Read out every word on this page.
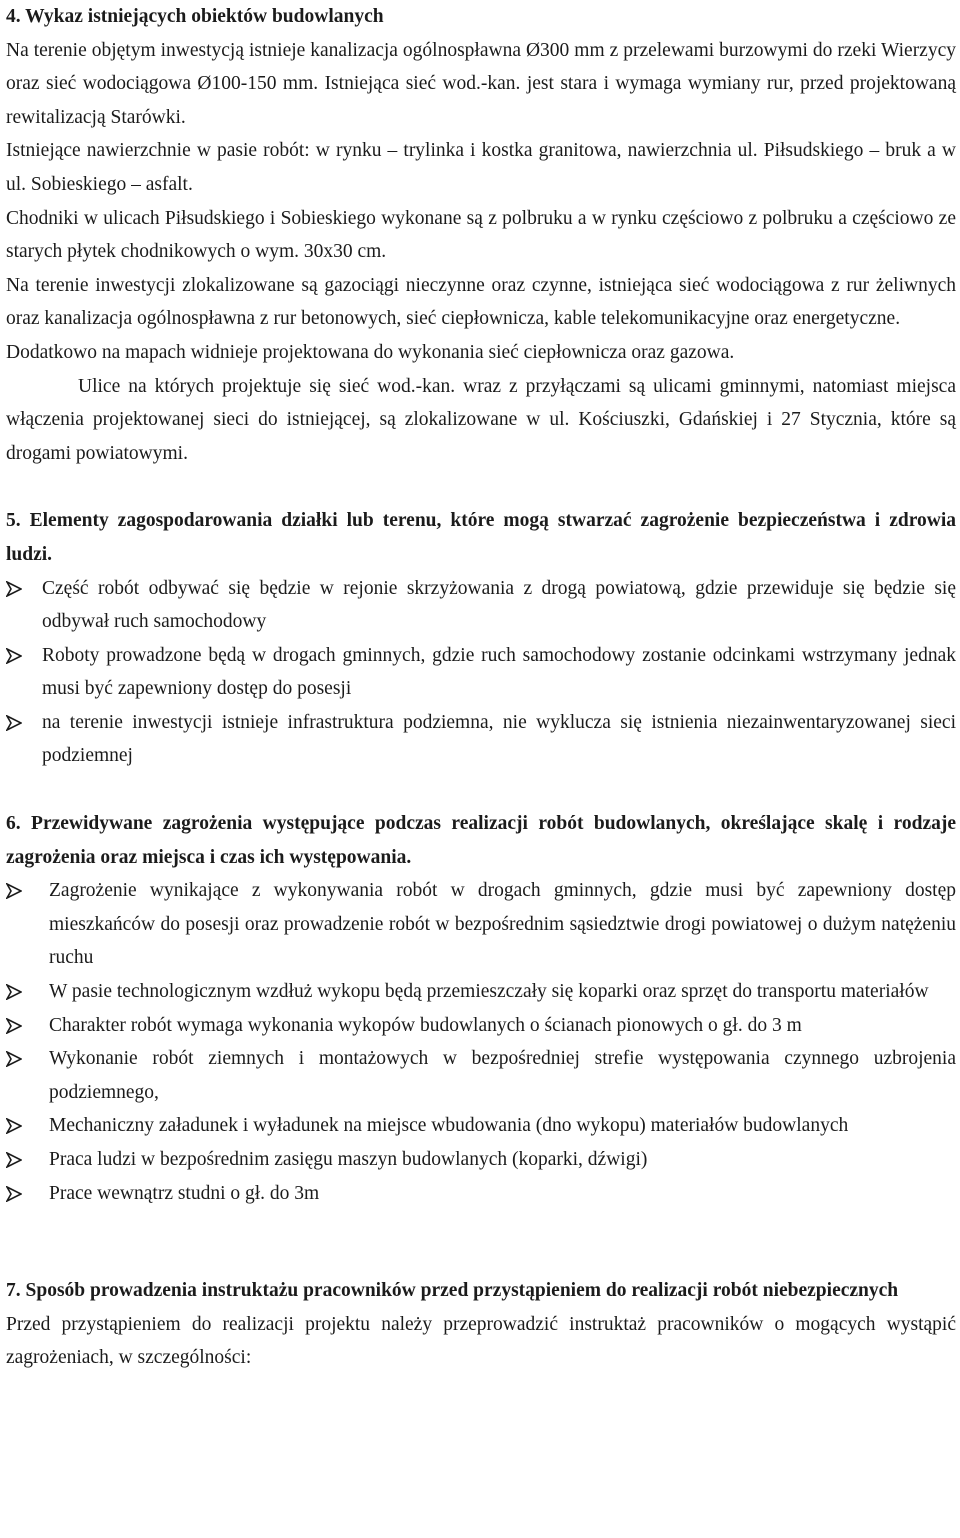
4. Wykaz istniejących obiektów budowlanych

Na terenie objętym inwestycją istnieje kanalizacja ogólnospławna Ø300 mm z przelewami burzowymi do rzeki Wierzycy oraz sieć wodociągowa Ø100-150 mm. Istniejąca sieć wod.-kan. jest stara i wymaga wymiany rur, przed projektowaną rewitalizacją Starówki.

Istniejące nawierzchnie w pasie robót: w rynku – trylinka i kostka granitowa, nawierzchnia ul. Piłsudskiego – bruk a w ul. Sobieskiego – asfalt.

Chodniki w ulicach Piłsudskiego i Sobieskiego wykonane są z polbruku a w rynku częściowo z polbruku a częściowo ze starych płytek chodnikowych o wym. 30x30 cm.

Na terenie inwestycji zlokalizowane są gazociągi nieczynne oraz czynne, istniejąca sieć wodociągowa z rur żeliwnych oraz kanalizacja ogólnospławna z rur betonowych, sieć ciepłownicza, kable telekomunikacyjne oraz energetyczne.

Dodatkowo na mapach widnieje projektowana do wykonania sieć ciepłownicza oraz gazowa.

Ulice na których projektuje się sieć wod.-kan. wraz z przyłączami są ulicami gminnymi, natomiast miejsca włączenia projektowanej sieci do istniejącej, są zlokalizowane w ul. Kościuszki, Gdańskiej i 27 Stycznia, które są drogami powiatowymi.

5. Elementy zagospodarowania działki lub terenu, które mogą stwarzać zagrożenie bezpieczeństwa i zdrowia ludzi.

Część robót odbywać się będzie w rejonie skrzyżowania z drogą powiatową, gdzie przewiduje się będzie się odbywał ruch samochodowy
Roboty prowadzone będą w drogach gminnych, gdzie ruch samochodowy zostanie odcinkami wstrzymany jednak musi być zapewniony dostęp do posesji
na terenie inwestycji istnieje infrastruktura podziemna, nie wyklucza się istnienia niezainwentaryzowanej sieci podziemnej

6. Przewidywane zagrożenia występujące podczas realizacji robót budowlanych, określające skalę i rodzaje zagrożenia oraz miejsca i czas ich występowania.

Zagrożenie wynikające z wykonywania robót w drogach gminnych, gdzie musi być zapewniony dostęp mieszkańców do posesji oraz prowadzenie robót w bezpośrednim sąsiedztwie drogi powiatowej o dużym natężeniu ruchu
W pasie technologicznym wzdłuż wykopu będą przemieszczały się koparki oraz sprzęt do transportu materiałów
Charakter robót wymaga wykonania wykopów budowlanych o ścianach pionowych o gł. do 3 m
Wykonanie robót ziemnych i montażowych w bezpośredniej strefie występowania czynnego uzbrojenia podziemnego,
Mechaniczny załadunek i wyładunek na miejsce wbudowania (dno wykopu) materiałów budowlanych
Praca ludzi w bezpośrednim zasięgu maszyn budowlanych (koparki, dźwigi)
Prace wewnątrz studni o gł. do 3m

7. Sposób prowadzenia instruktażu pracowników przed przystąpieniem do realizacji robót niebezpiecznych

Przed przystąpieniem do realizacji projektu należy przeprowadzić instruktaż pracowników o mogących wystąpić zagrożeniach, w szczególności:
